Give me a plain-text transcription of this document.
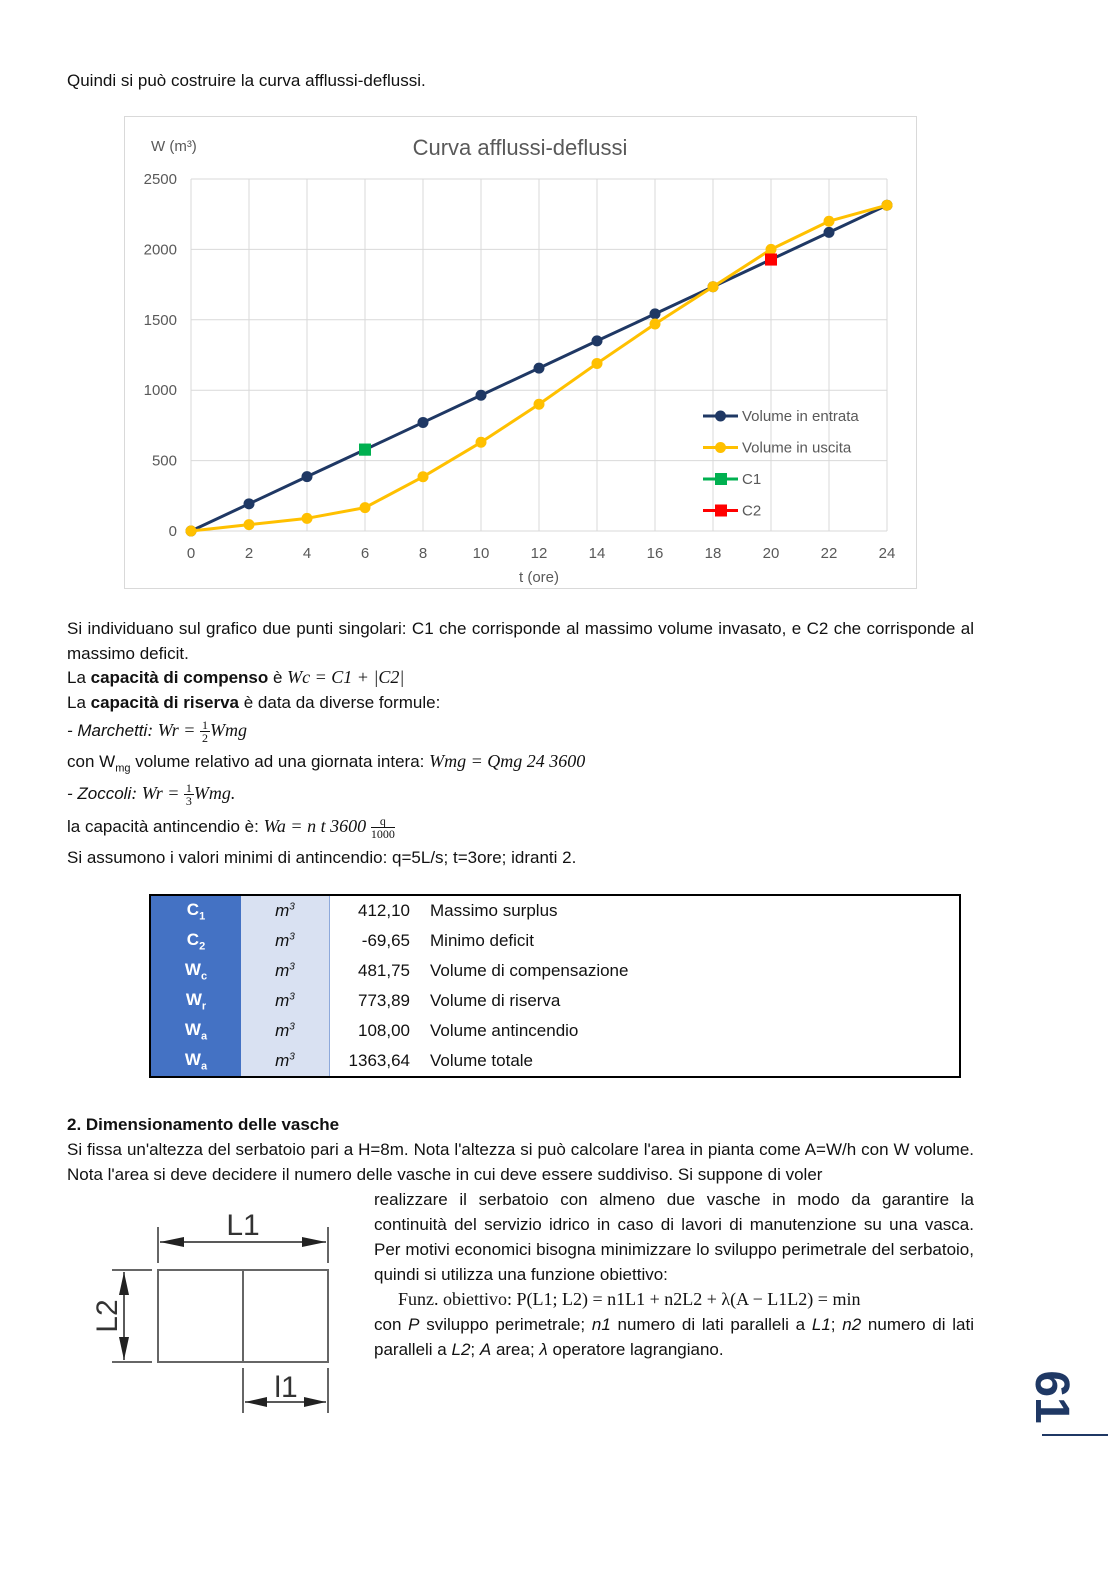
Quindi si può costruire la curva afflussi-deflussi.
0
500
1000
1500
2000
2500
0	2	4	6	8	10	12	14	16	18	20	22	24
Volume in entrata
Volume in uscita
C1
C2
Curva afflussi-deflussi
W (m³)
t (ore)
Si individuano sul grafico due punti singolari: C1 che corrisponde al massimo volume invasato, e C2 che corrisponde al massimo deficit.
La capacità di compenso è Wc = C1 + |C2|
La capacità di riserva è data da diverse formule:
- Marchetti: $Wr = \frac{1}{2}$ Wmg
con $W_{mg}$ volume relativo ad una giornata intera: Wmg = Qmg 24 3600
- Zoccoli: $Wr = \frac{1}{3}$ Wmg.
la capacità antincendio è: Wa = n t $3600 \frac{q}{1000}$
Si assumono i valori minimi di antincendio: q=5L/s; t=3ore; idranti 2.
$C_1$	$m^3$	412,10	Massimo surplus
$C_2$	$m^3$	-69,65	Minimo deficit
$W_c$	$m^3$	481,75	Volume di compensazione
$W_r$	$m^3$	773,89	Volume di riserva
$W_a$	$m^3$	108,00	Volume antincendio
$W_a$	$m^3$	1363,64	Volume totale
2. Dimensionamento delle vasche
Si fissa un'altezza del serbatoio pari a H=8m. Nota l'altezza si può calcolare l'area in pianta come A=W/h con W volume. Nota l'area si deve decidere il numero delle vasche in cui deve essere suddiviso. Si suppone di voler
realizzare il serbatoio con almeno due vasche in modo da garantire la continuità del servizio idrico in caso di lavori di manutenzione su una vasca. Per motivi economici bisogna minimizzare lo sviluppo perimetrale del serbatoio, quindi si utilizza una funzione obiettivo:
Funz. obiettivo: P(L1; L2) = n1L1 + n2L2 + λ(A − L1L2) = min
con P sviluppo perimetrale; n1 numero di lati paralleli a L1; n2 numero di lati paralleli a L2; A area; λ operatore lagrangiano.
L1
L2
l1	61
